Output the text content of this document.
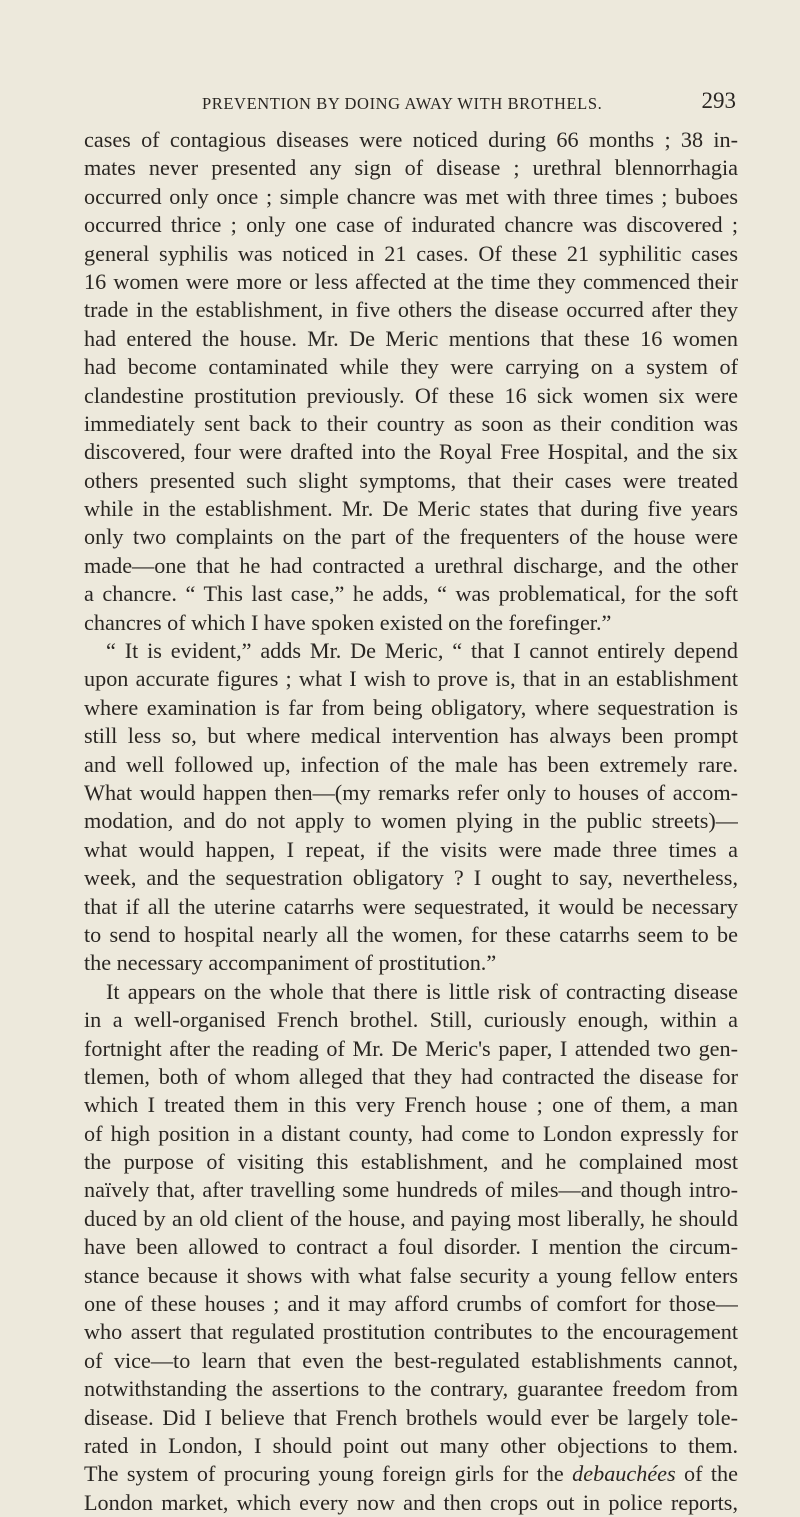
PREVENTION BY DOING AWAY WITH BROTHELS.	293
cases of contagious diseases were noticed during 66 months ; 38 in-
mates never presented any sign of disease ; urethral blennorrhagia
occurred only once ; simple chancre was met with three times ; buboes
occurred thrice ; only one case of indurated chancre was discovered ;
general syphilis was noticed in 21 cases. Of these 21 syphilitic cases
16 women were more or less affected at the time they commenced their
trade in the establishment, in five others the disease occurred after they
had entered the house. Mr. De Meric mentions that these 16 women
had become contaminated while they were carrying on a system of
clandestine prostitution previously. Of these 16 sick women six were
immediately sent back to their country as soon as their condition was
discovered, four were drafted into the Royal Free Hospital, and the six
others presented such slight symptoms, that their cases were treated
while in the establishment. Mr. De Meric states that during five years
only two complaints on the part of the frequenters of the house were
made—one that he had contracted a urethral discharge, and the other
a chancre. “ This last case,” he adds, “ was problematical, for the soft
chancres of which I have spoken existed on the forefinger.”
“ It is evident,” adds Mr. De Meric, “ that I cannot entirely depend
upon accurate figures ; what I wish to prove is, that in an establishment
where examination is far from being obligatory, where sequestration is
still less so, but where medical intervention has always been prompt
and well followed up, infection of the male has been extremely rare.
What would happen then—(my remarks refer only to houses of accom-
modation, and do not apply to women plying in the public streets)—
what would happen, I repeat, if the visits were made three times a
week, and the sequestration obligatory ? I ought to say, nevertheless,
that if all the uterine catarrhs were sequestrated, it would be necessary
to send to hospital nearly all the women, for these catarrhs seem to be
the necessary accompaniment of prostitution.”
It appears on the whole that there is little risk of contracting disease
in a well-organised French brothel. Still, curiously enough, within a
fortnight after the reading of Mr. De Meric's paper, I attended two gen-
tlemen, both of whom alleged that they had contracted the disease for
which I treated them in this very French house ; one of them, a man
of high position in a distant county, had come to London expressly for
the purpose of visiting this establishment, and he complained most
naïvely that, after travelling some hundreds of miles—and though intro-
duced by an old client of the house, and paying most liberally, he should
have been allowed to contract a foul disorder. I mention the circum-
stance because it shows with what false security a young fellow enters
one of these houses ; and it may afford crumbs of comfort for those—
who assert that regulated prostitution contributes to the encouragement
of vice—to learn that even the best-regulated establishments cannot,
notwithstanding the assertions to the contrary, guarantee freedom from
disease. Did I believe that French brothels would ever be largely tole-
rated in London, I should point out many other objections to them.
The system of procuring young foreign girls for the debauchées of the
London market, which every now and then crops out in police reports,
